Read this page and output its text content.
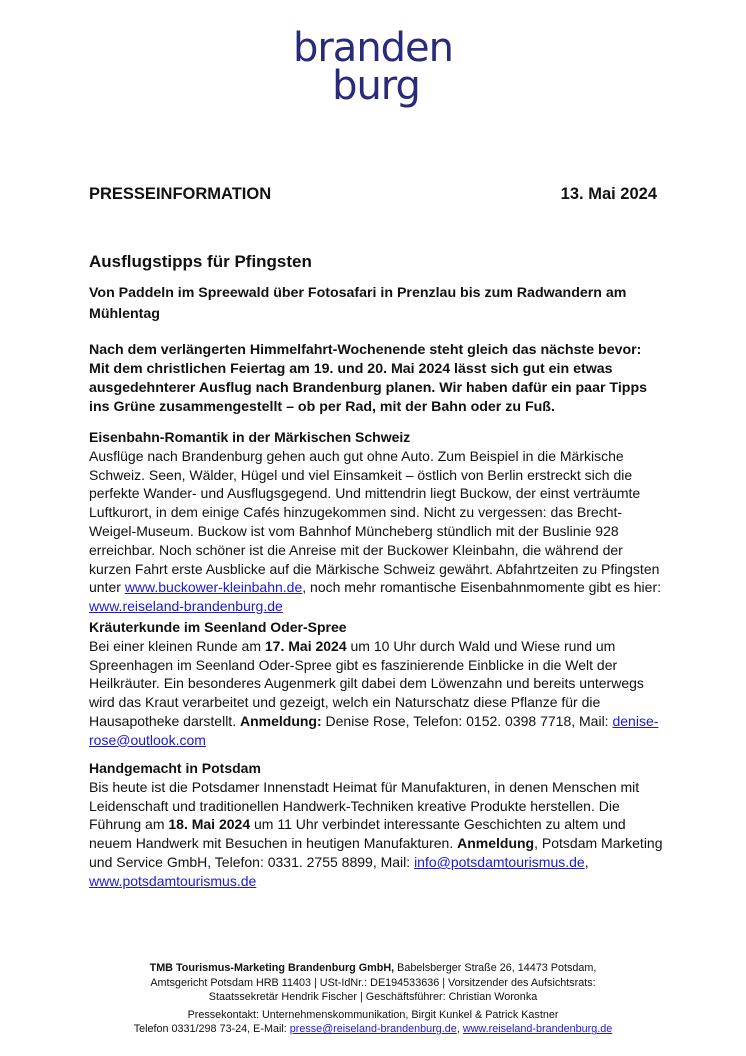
branden
burg
PRESSEINFORMATION	13. Mai 2024
Ausflugstipps für Pfingsten
Von Paddeln im Spreewald über Fotosafari in Prenzlau bis zum Radwandern am Mühlentag
Nach dem verlängerten Himmelfahrt-Wochenende steht gleich das nächste bevor: Mit dem christlichen Feiertag am 19. und 20. Mai 2024 lässt sich gut ein etwas ausgedehnterer Ausflug nach Brandenburg planen. Wir haben dafür ein paar Tipps ins Grüne zusammengestellt – ob per Rad, mit der Bahn oder zu Fuß.
Eisenbahn-Romantik in der Märkischen Schweiz

Ausflüge nach Brandenburg gehen auch gut ohne Auto. Zum Beispiel in die Märkische Schweiz. Seen, Wälder, Hügel und viel Einsamkeit – östlich von Berlin erstreckt sich die perfekte Wander- und Ausflugsgegend. Und mittendrin liegt Buckow, der einst verträumte Luftkurort, in dem einige Cafés hinzugekommen sind. Nicht zu vergessen: das Brecht-Weigel-Museum. Buckow ist vom Bahnhof Müncheberg stündlich mit der Buslinie 928 erreichbar. Noch schöner ist die Anreise mit der Buckower Kleinbahn, die während der kurzen Fahrt erste Ausblicke auf die Märkische Schweiz gewährt. Abfahrtzeiten zu Pfingsten unter www.buckower-kleinbahn.de, noch mehr romantische Eisenbahnmomente gibt es hier: www.reiseland-brandenburg.de

Kräuterkunde im Seenland Oder-Spree

Bei einer kleinen Runde am 17. Mai 2024 um 10 Uhr durch Wald und Wiese rund um Spreenhagen im Seenland Oder-Spree gibt es faszinierende Einblicke in die Welt der Heilkräuter. Ein besonderes Augenmerk gilt dabei dem Löwenzahn und bereits unterwegs wird das Kraut verarbeitet und gezeigt, welch ein Naturschatz diese Pflanze für die Hausapotheke darstellt. Anmeldung: Denise Rose, Telefon: 0152. 0398 7718, Mail: denise-rose@outlook.com

Handgemacht in Potsdam

Bis heute ist die Potsdamer Innenstadt Heimat für Manufakturen, in denen Menschen mit Leidenschaft und traditionellen Handwerk-Techniken kreative Produkte herstellen. Die Führung am 18. Mai 2024 um 11 Uhr verbindet interessante Geschichten zu altem und neuem Handwerk mit Besuchen in heutigen Manufakturen. Anmeldung, Potsdam Marketing und Service GmbH, Telefon: 0331. 2755 8899, Mail: info@potsdamtourismus.de, www.potsdamtourismus.de

TMB Tourismus-Marketing Brandenburg GmbH, Babelsberger Straße 26, 14473 Potsdam,
Amtsgericht Potsdam HRB 11403 | USt-IdNr.: DE194533636 | Vorsitzender des Aufsichtsrats:
Staatssekretär Hendrik Fischer | Geschäftsführer: Christian Woronka
Pressekontakt: Unternehmenskommunikation, Birgit Kunkel & Patrick Kastner
Telefon 0331/298 73-24, E-Mail: presse@reiseland-brandenburg.de, www.reiseland-brandenburg.de
